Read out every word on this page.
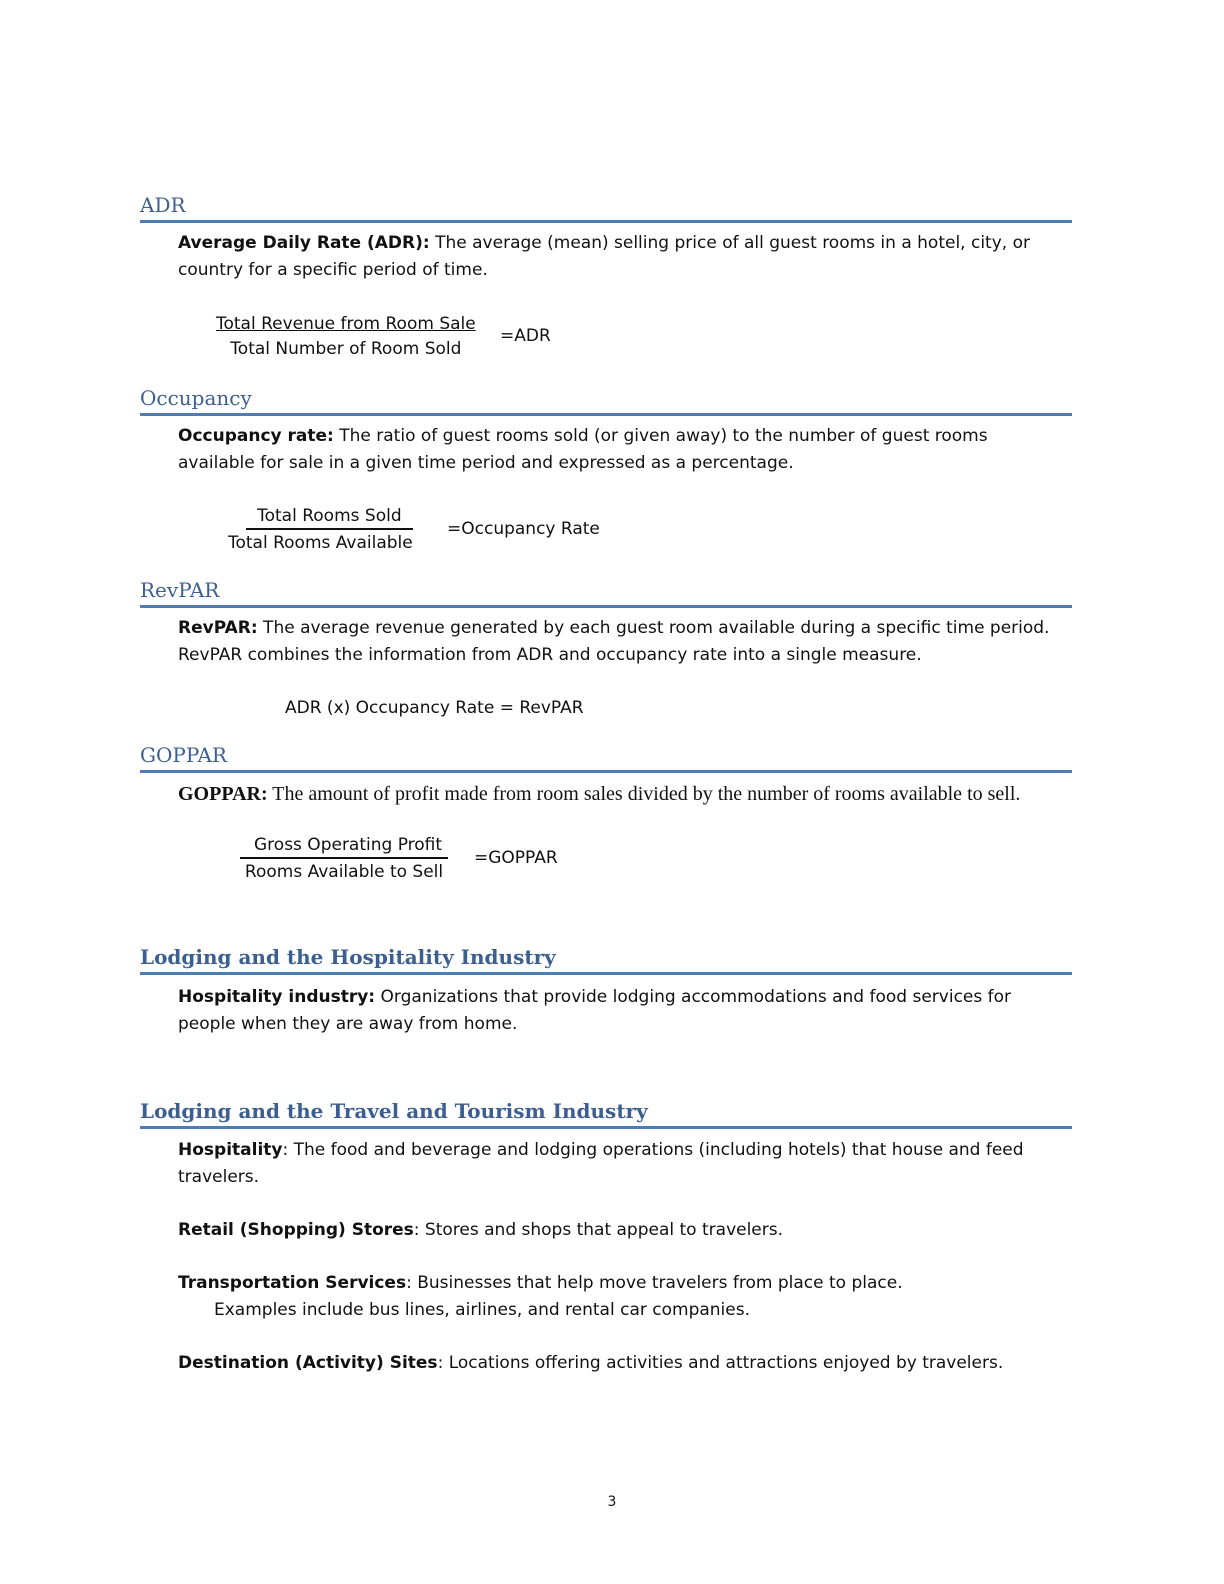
ADR
Average Daily Rate (ADR): The average (mean) selling price of all guest rooms in a hotel, city, or country for a specific period of time.
Total Revenue from Room Sale
Total Number of Room Sold
=ADR
Occupancy
Occupancy rate: The ratio of guest rooms sold (or given away) to the number of guest rooms available for sale in a given time period and expressed as a percentage.
Total Rooms Sold
Total Rooms Available
=Occupancy Rate
RevPAR
RevPAR: The average revenue generated by each guest room available during a specific time period. RevPAR combines the information from ADR and occupancy rate into a single measure.
ADR (x) Occupancy Rate = RevPAR
GOPPAR
GOPPAR: The amount of profit made from room sales divided by the number of rooms available to sell.
Gross Operating Profit
Rooms Available to Sell
=GOPPAR
Lodging and the Hospitality Industry
Hospitality industry: Organizations that provide lodging accommodations and food services for people when they are away from home.
Lodging and the Travel and Tourism Industry
Hospitality: The food and beverage and lodging operations (including hotels) that house and feed travelers.
Retail (Shopping) Stores: Stores and shops that appeal to travelers.
Transportation Services: Businesses that help move travelers from place to place.
Examples include bus lines, airlines, and rental car companies.
Destination (Activity) Sites: Locations offering activities and attractions enjoyed by travelers.
3
